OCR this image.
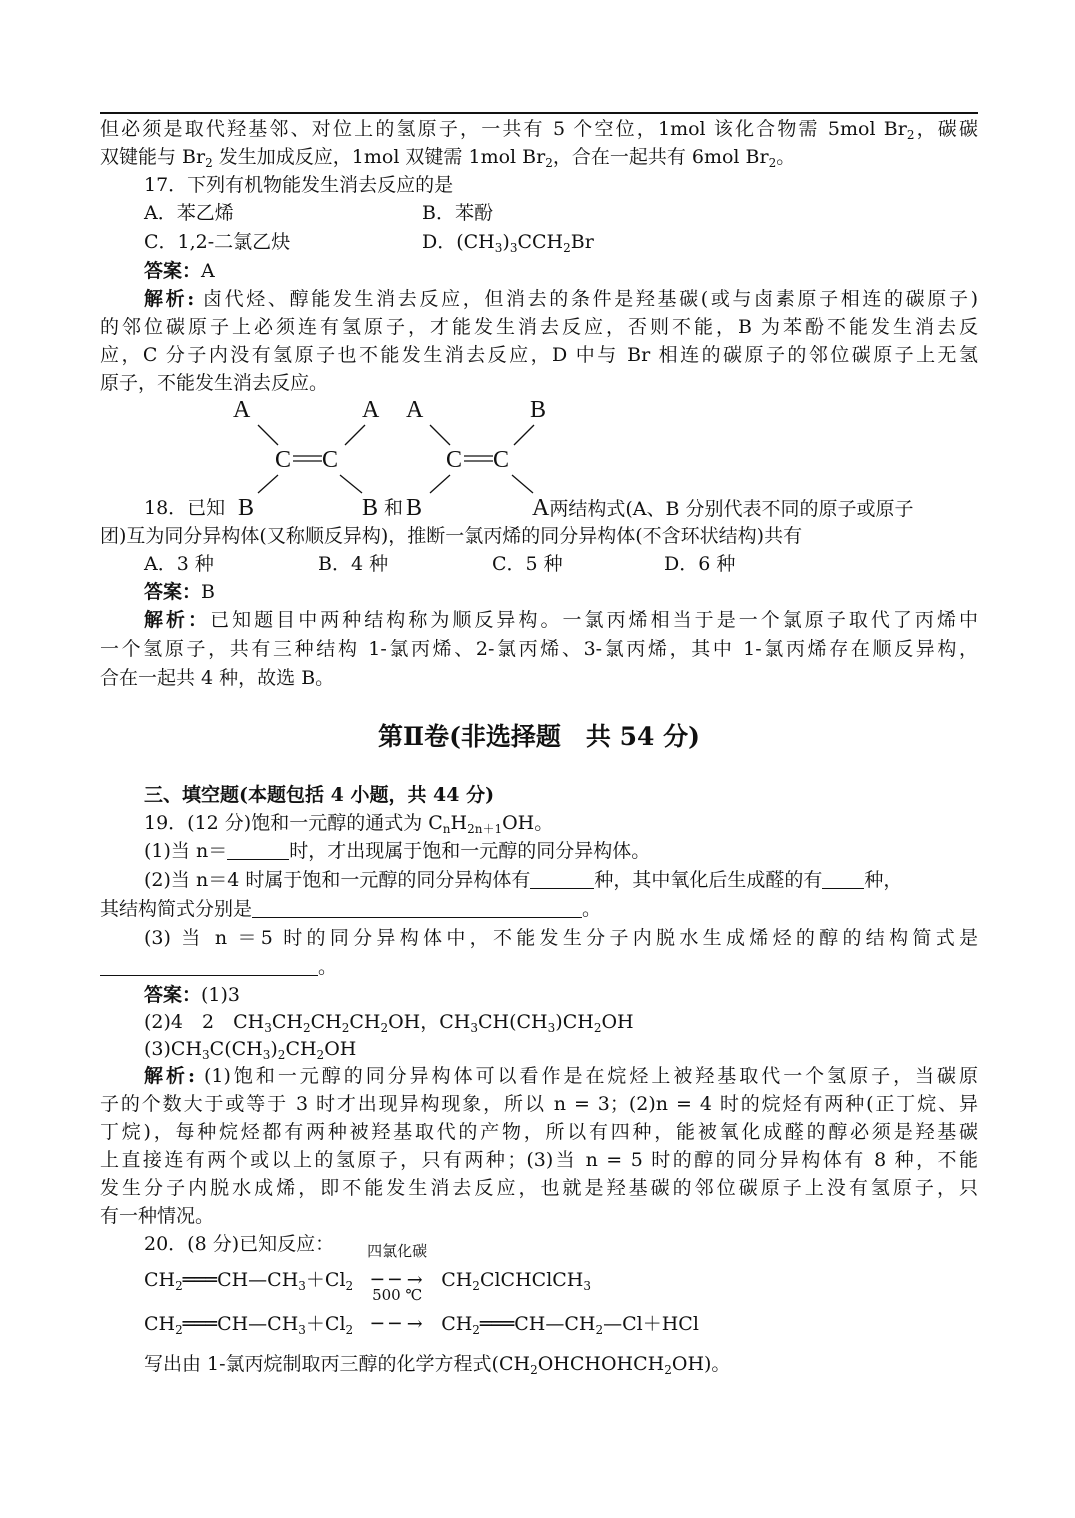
但必须是取代羟基邻、对位上的氢原子，一共有 5 个空位，1mol 该化合物需 5mol $Br_2$，碳碳
双键能与 $Br_2$ 发生加成反应，1mol 双键需 1mol $Br_2$，合在一起共有 6mol $Br_2$。
17．下列有机物能发生消去反应的是
A．苯乙烯	B．苯酚
C．1,2-二氯乙炔	D．$(CH_3)_3CCH_2Br$
答案：A
解析: 卤代烃、醇能发生消去反应，但消去的条件是羟基碳(或与卤素原子相连的碳原子)
的邻位碳原子上必须连有氢原子，才能发生消去反应，否则不能，B 为苯酚不能发生消去反
应，C 分子内没有氢原子也不能发生消去反应，D 中与 Br 相连的碳原子的邻位碳原子上无氢
原子，不能发生消去反应。
A	A
C C
A	B
C C
18．已知 B	B 和 B	A两结构式(A、B 分别代表不同的原子或原子
团)互为同分异构体(又称顺反异构)，推断一氯丙烯的同分异构体(不含环状结构)共有
A．3 种	B．4 种	C．5 种	D．6 种
答案：B
解析：已知题目中两种结构称为顺反异构。一氯丙烯相当于是一个氯原子取代了丙烯中
一个氢原子，共有三种结构 1-氯丙烯、2-氯丙烯、3-氯丙烯，其中 1-氯丙烯存在顺反异构，
合在一起共 4 种，故选 B。
第Ⅱ卷(非选择题　共 54 分)
三、填空题(本题包括 4 小题，共 44 分)
19．(12 分)饱和一元醇的通式为 $C_nH_{2n+1}OH$。
(1)当 n＝	时，才出现属于饱和一元醇的同分异构体。
(2)当 n＝4 时属于饱和一元醇的同分异构体有	种，其中氧化后生成醛的有 种，
其结构简式分别是	。
(3) 当 n ＝5 时的同分异构体中，不能发生分子内脱水生成烯烃的醇的结构简式是
。
答案：(1)3
(2)4　2　$CH_3CH_2CH_2CH_2OH$，$CH_3CH(CH_3)CH_2OH$
$(3)CH_3C(CH_3)_2CH_2OH$
解析: (1)饱和一元醇的同分异构体可以看作是在烷烃上被羟基取代一个氢原子，当碳原
子的个数大于或等于 3 时才出现异构现象，所以 n = 3；(2)n = 4 时的烷烃有两种(正丁烷、异
丁烷)，每种烷烃都有两种被羟基取代的产物，所以有四种，能被氧化成醛的醇必须是羟基碳
上直接连有两个或以上的氢原子，只有两种；(3)当 n = 5 时的醇的同分异构体有 8 种，不能
发生分子内脱水成烯，即不能发生消去反应，也就是羟基碳的邻位碳原子上没有氢原子，只
有一种情况。
20．(8 分)已知反应：
$CH_2═══CH—CH_3+Cl_2$
四氯化碳
─ ─ → $CH_2ClCHClCH_3$
$CH_2═══CH—CH_3+Cl_2$
500 ℃
─ ─ → $CH_2═══CH—CH_2—Cl+HCl$
写出由 1-氯丙烷制取丙三醇的化学方程式$(CH_2OHCHOHCH_2OH)$。
